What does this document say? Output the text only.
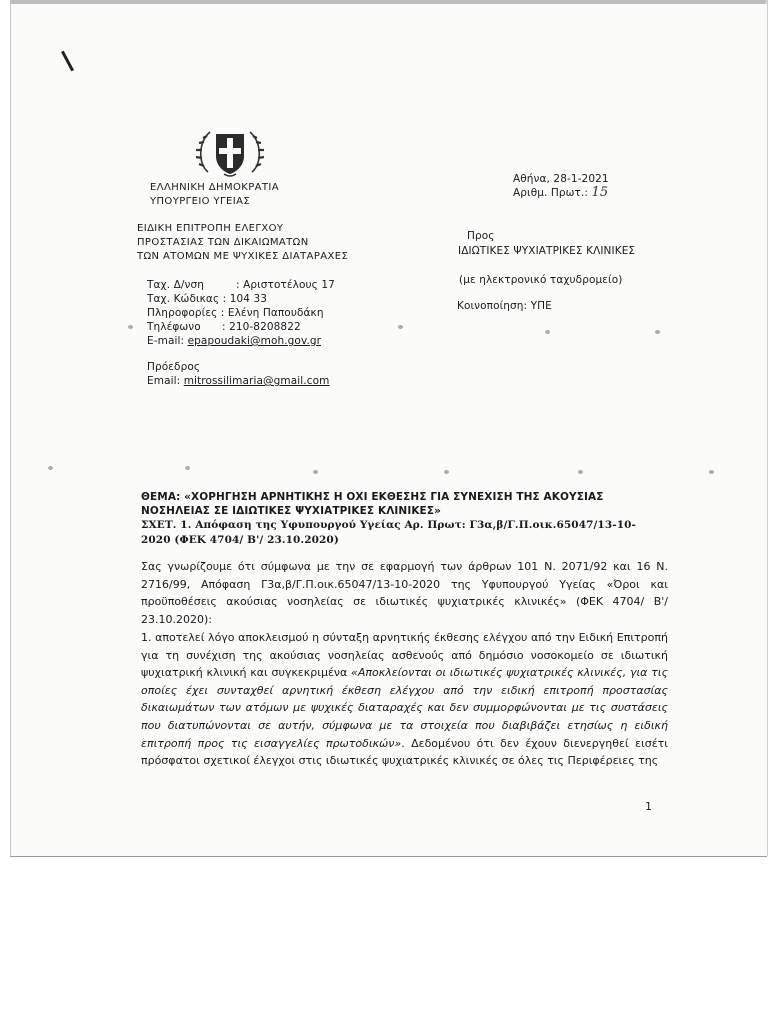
ΕΛΛΗΝΙΚΗ ΔΗΜΟΚΡΑΤΙΑ
ΥΠΟΥΡΓΕΙΟ ΥΓΕΙΑΣ
ΕΙΔΙΚΗ ΕΠΙΤΡΟΠΗ ΕΛΕΓΧΟΥ
ΠΡΟΣΤΑΣΙΑΣ ΤΩΝ ΔΙΚΑΙΩΜΑΤΩΝ
ΤΩΝ ΑΤΟΜΩΝ ΜΕ ΨΥΧΙΚΕΣ ΔΙΑΤΑΡΑΧΕΣ
Ταχ. Δ/νση	: Αριστοτέλους 17
Ταχ. Κώδικας : 104 33
Πληροφορίες : Ελένη Παπουδάκη
Τηλέφωνο : 210-8208822
E-mail: epapoudaki@moh.gov.gr
Πρόεδρος
Email: mitrossilimaria@gmail.com
Αθήνα, 28-1-2021
Αριθμ. Πρωτ.: 15
Προς
ΙΔΙΩΤΙΚΕΣ ΨΥΧΙΑΤΡΙΚΕΣ ΚΛΙΝΙΚΕΣ
(με ηλεκτρονικό ταχυδρομείο)
Κοινοποίηση: ΥΠΕ
ΘΕΜΑ: «ΧΟΡΗΓΗΣΗ ΑΡΝΗΤΙΚΗΣ Η ΟΧΙ ΕΚΘΕΣΗΣ ΓΙΑ ΣΥΝΕΧΙΣΗ ΤΗΣ ΑΚΟΥΣΙΑΣ
ΝΟΣΗΛΕΙΑΣ ΣΕ ΙΔΙΩΤΙΚΕΣ ΨΥΧΙΑΤΡΙΚΕΣ ΚΛΙΝΙΚΕΣ»
ΣΧΕΤ. 1. Απόφαση της Υφυπουργού Υγείας Αρ. Πρωτ: Γ3α,β/Γ.Π.οικ.65047/13-10-
2020 (ΦΕΚ 4704/ Β'/ 23.10.2020)

Σας γνωρίζουμε ότι σύμφωνα με την σε εφαρμογή των άρθρων 101 Ν. 2071/92 και 16 Ν. 2716/99, Απόφαση Γ3α,β/Γ.Π.οικ.65047/13-10-2020 της Υφυπουργού Υγείας «Όροι και προϋποθέσεις ακούσιας νοσηλείας σε ιδιωτικές ψυχιατρικές κλινικές» (ΦΕΚ 4704/ Β'/ 23.10.2020):

1. αποτελεί λόγο αποκλεισμού η σύνταξη αρνητικής έκθεσης ελέγχου από την Ειδική Επιτροπή για τη συνέχιση της ακούσιας νοσηλείας ασθενούς από δημόσιο νοσοκομείο σε ιδιωτική ψυχιατρική κλινική και συγκεκριμένα «Αποκλείονται οι ιδιωτικές ψυχιατρικές κλινικές, για τις οποίες έχει συνταχθεί αρνητική έκθεση ελέγχου από την ειδική επιτροπή προστασίας δικαιωμάτων των ατόμων με ψυχικές διαταραχές και δεν συμμορφώνονται με τις συστάσεις που διατυπώνονται σε αυτήν, σύμφωνα με τα στοιχεία που διαβιβάζει ετησίως η ειδική επιτροπή προς τις εισαγγελίες πρωτοδικών». Δεδομένου ότι δεν έχουν διενεργηθεί εισέτι πρόσφατοι σχετικοί έλεγχοι στις ιδιωτικές ψυχιατρικές κλινικές σε όλες τις Περιφέρειες της

1
